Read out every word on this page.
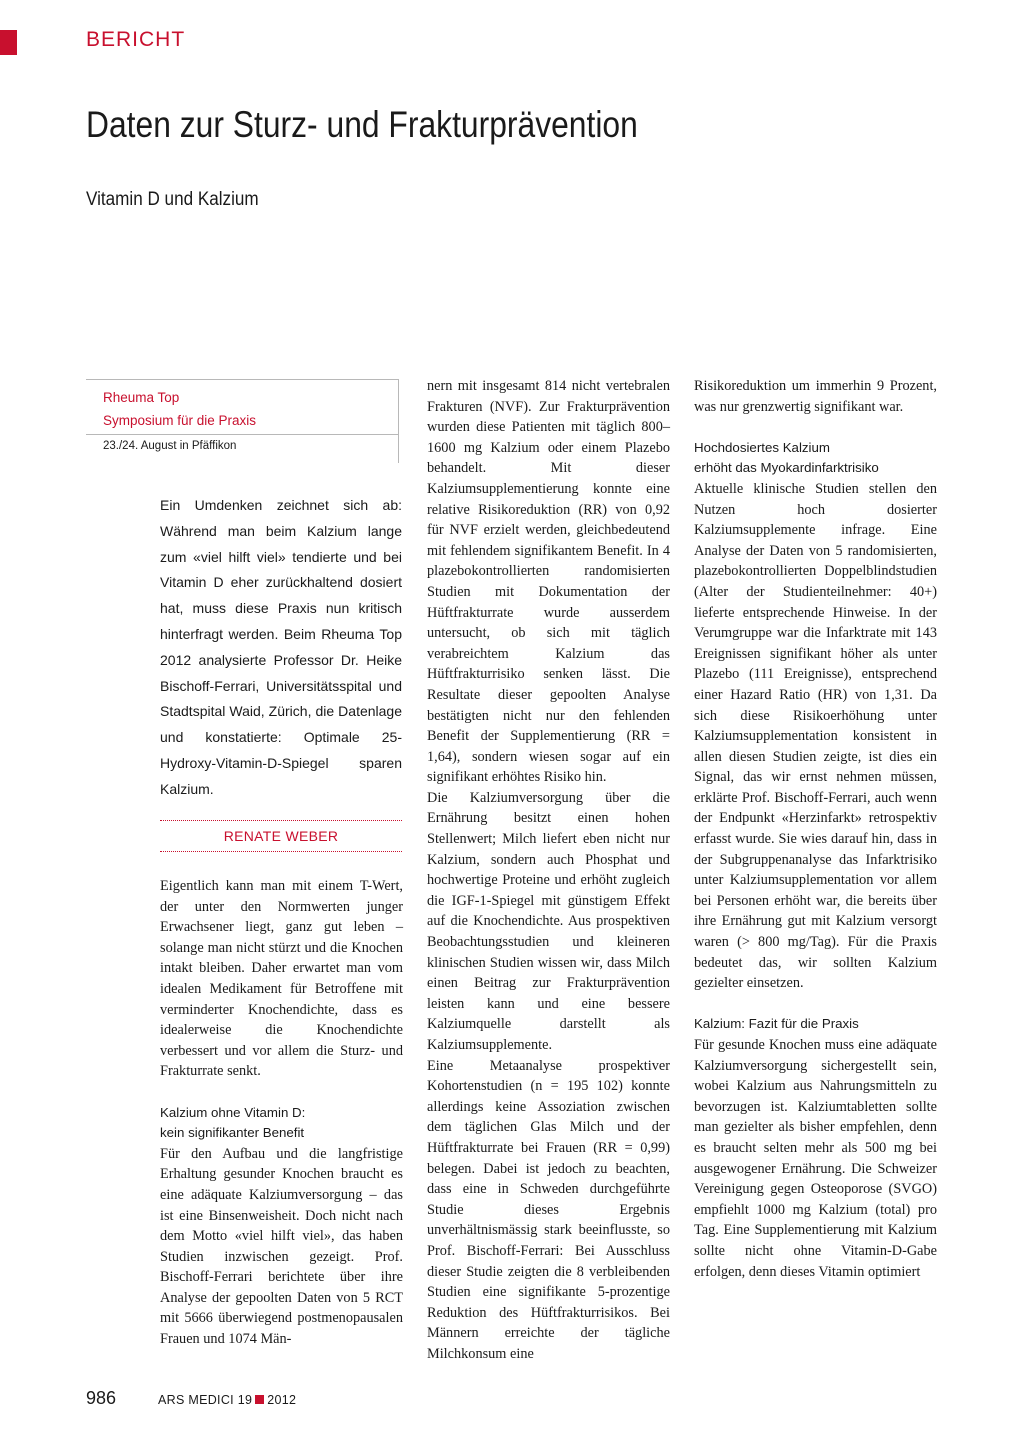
BERICHT
Daten zur Sturz- und Frakturprävention
Vitamin D und Kalzium
Rheuma Top
Symposium für die Praxis
23./24. August in Pfäffikon

Ein Umdenken zeichnet sich ab: Während man beim Kalzium lange zum «viel hilft viel» tendierte und bei Vitamin D eher zurückhaltend dosiert hat, muss diese Praxis nun kritisch hinterfragt werden. Beim Rheuma Top 2012 analysierte Professor Dr. Heike Bischoff-Ferrari, Universitätsspital und Stadtspital Waid, Zürich, die Datenlage und konstatierte: Optimale 25-Hydroxy-Vitamin-D-Spiegel sparen Kalzium.

RENATE WEBER

Eigentlich kann man mit einem T-Wert, der unter den Normwerten junger Erwachsener liegt, ganz gut leben – solange man nicht stürzt und die Knochen intakt bleiben. Daher erwartet man vom idealen Medikament für Betroffene mit verminderter Knochendichte, dass es idealerweise die Knochendichte verbessert und vor allem die Sturz- und Frakturrate senkt.

Kalzium ohne Vitamin D:
kein signifikanter Benefit

Für den Aufbau und die langfristige Erhaltung gesunder Knochen braucht es eine adäquate Kalziumversorgung – das ist eine Binsenweisheit. Doch nicht nach dem Motto «viel hilft viel», das haben Studien inzwischen gezeigt. Prof. Bischoff-Ferrari berichtete über ihre Analyse der gepoolten Daten von 5 RCT mit 5666 überwiegend postmenopausalen Frauen und 1074 Män-

nern mit insgesamt 814 nicht vertebralen Frakturen (NVF). Zur Frakturprävention wurden diese Patienten mit täglich 800–1600 mg Kalzium oder einem Plazebo behandelt. Mit dieser Kalziumsupplementierung konnte eine relative Risikoreduktion (RR) von 0,92 für NVF erzielt werden, gleichbedeutend mit fehlendem signifikantem Benefit. In 4 plazebokontrollierten randomisierten Studien mit Dokumentation der Hüftfrakturrate wurde ausserdem untersucht, ob sich mit täglich verabreichtem Kalzium das Hüftfrakturrisiko senken lässt. Die Resultate dieser gepoolten Analyse bestätigten nicht nur den fehlenden Benefit der Supplementierung (RR = 1,64), sondern wiesen sogar auf ein signifikant erhöhtes Risiko hin.

Die Kalziumversorgung über die Ernährung besitzt einen hohen Stellenwert; Milch liefert eben nicht nur Kalzium, sondern auch Phosphat und hochwertige Proteine und erhöht zugleich die IGF-1-Spiegel mit günstigem Effekt auf die Knochendichte. Aus prospektiven Beobachtungsstudien und kleineren klinischen Studien wissen wir, dass Milch einen Beitrag zur Frakturprävention leisten kann und eine bessere Kalziumquelle darstellt als Kalziumsupplemente.

Eine Metaanalyse prospektiver Kohortenstudien (n = 195 102) konnte allerdings keine Assoziation zwischen dem täglichen Glas Milch und der Hüftfrakturrate bei Frauen (RR = 0,99) belegen. Dabei ist jedoch zu beachten, dass eine in Schweden durchgeführte Studie dieses Ergebnis unverhältnismässig stark beeinflusste, so Prof. Bischoff-Ferrari: Bei Ausschluss dieser Studie zeigten die 8 verbleibenden Studien eine signifikante 5-prozentige Reduktion des Hüftfrakturrisikos. Bei Männern erreichte der tägliche Milchkonsum eine

Risikoreduktion um immerhin 9 Prozent, was nur grenzwertig signifikant war.

Hochdosiertes Kalzium
erhöht das Myokardinfarktrisiko

Aktuelle klinische Studien stellen den Nutzen hoch dosierter Kalziumsupplemente infrage. Eine Analyse der Daten von 5 randomisierten, plazebokontrollierten Doppelblindstudien (Alter der Studienteilnehmer: 40+) lieferte entsprechende Hinweise. In der Verumgruppe war die Infarktrate mit 143 Ereignissen signifikant höher als unter Plazebo (111 Ereignisse), entsprechend einer Hazard Ratio (HR) von 1,31. Da sich diese Risikoerhöhung unter Kalziumsupplementation konsistent in allen diesen Studien zeigte, ist dies ein Signal, das wir ernst nehmen müssen, erklärte Prof. Bischoff-Ferrari, auch wenn der Endpunkt «Herzinfarkt» retrospektiv erfasst wurde. Sie wies darauf hin, dass in der Subgruppenanalyse das Infarktrisiko unter Kalziumsupplementation vor allem bei Personen erhöht war, die bereits über ihre Ernährung gut mit Kalzium versorgt waren (> 800 mg/Tag). Für die Praxis bedeutet das, wir sollten Kalzium gezielter einsetzen.

Kalzium: Fazit für die Praxis

Für gesunde Knochen muss eine adäquate Kalziumversorgung sichergestellt sein, wobei Kalzium aus Nahrungsmitteln zu bevorzugen ist. Kalziumtabletten sollte man gezielter als bisher empfehlen, denn es braucht selten mehr als 500 mg bei ausgewogener Ernährung. Die Schweizer Vereinigung gegen Osteoporose (SVGO) empfiehlt 1000 mg Kalzium (total) pro Tag. Eine Supplementierung mit Kalzium sollte nicht ohne Vitamin-D-Gabe erfolgen, denn dieses Vitamin optimiert

986	ARS MEDICI 19 2012
